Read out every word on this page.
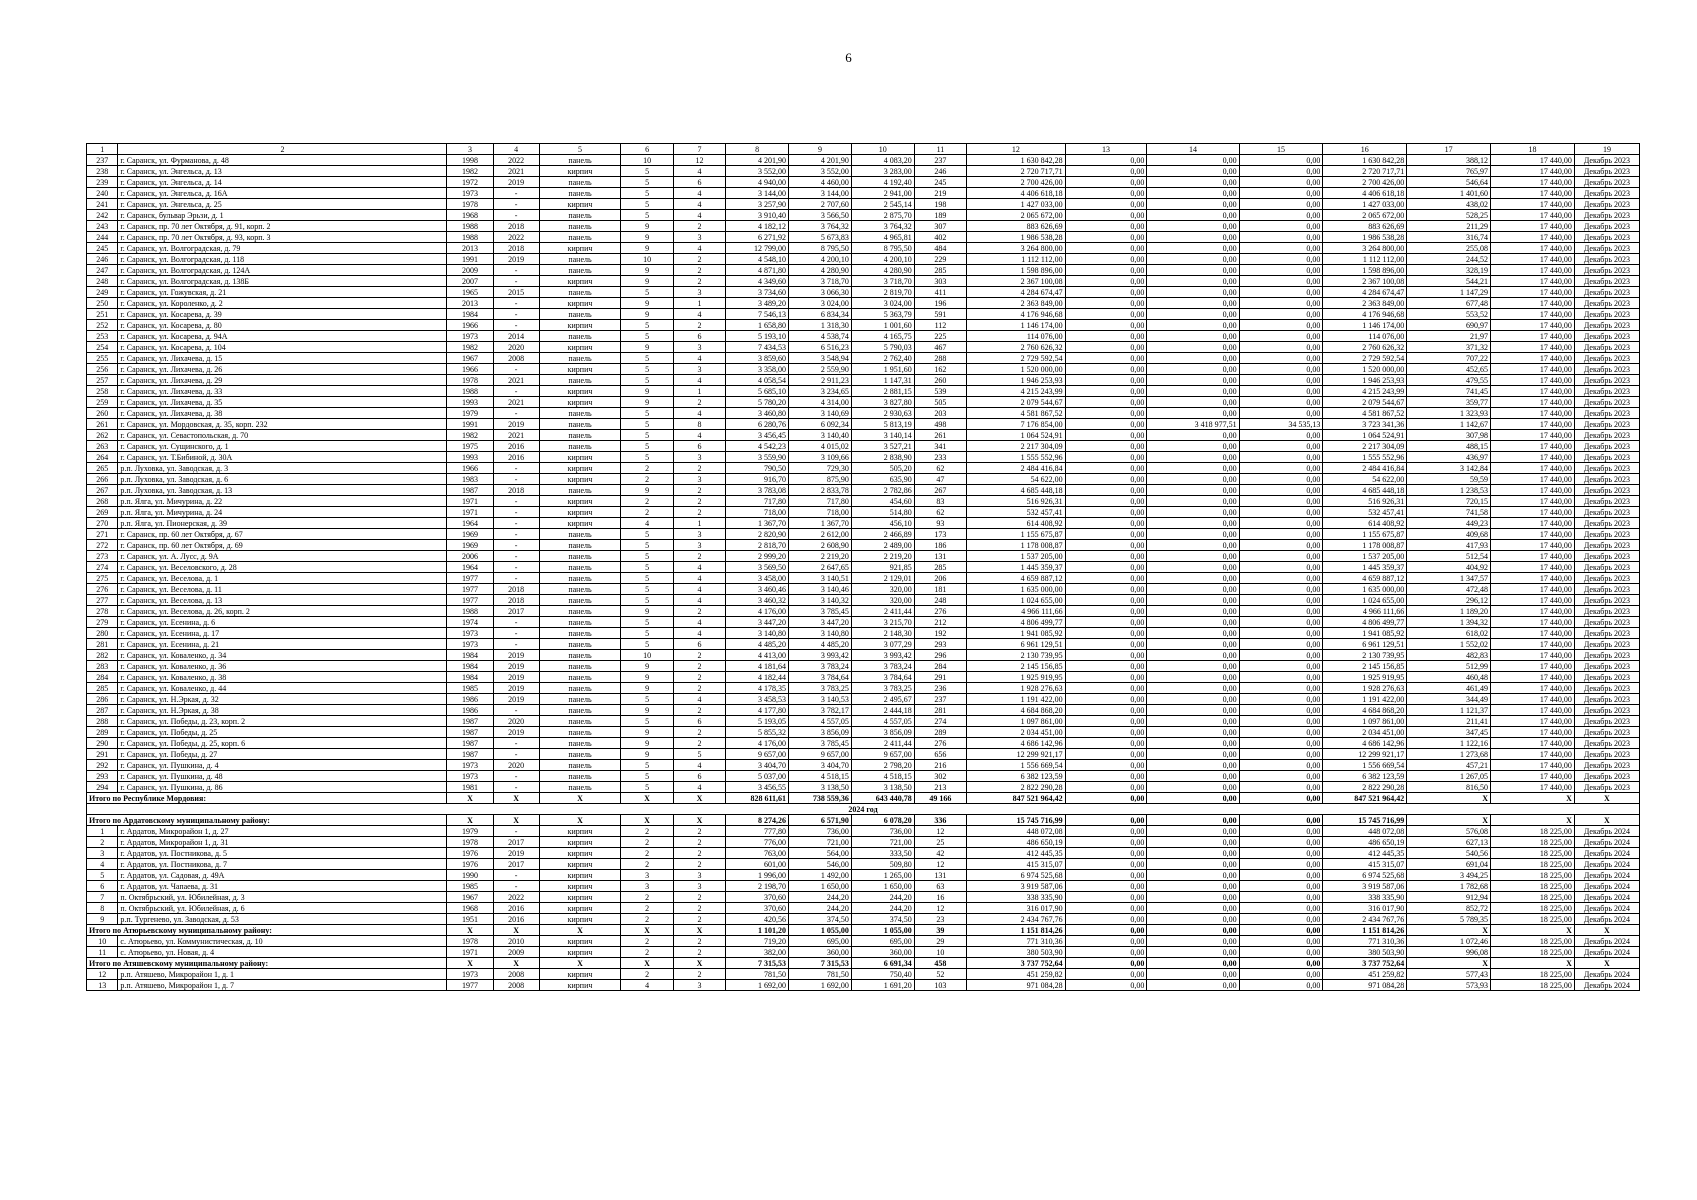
6
1	2	3	4	5	6	7	8	9	10	11	12	13	14	15	16	17	18	19
237	г. Саранск, ул. Фурманова, д. 48	1998	2022	панель	10	12	4 201,90	4 201,90	4 083,20	237	1 630 842,28	0,00	0,00	0,00	1 630 842,28	388,12	17 440,00	Декабрь 2023
238	г. Саранск, ул. Энгельса, д. 13	1982	2021	кирпич	5	4	3 552,00	3 552,00	3 283,00	246	2 720 717,71	0,00	0,00	0,00	2 720 717,71	765,97	17 440,00	Декабрь 2023
239	г. Саранск, ул. Энгельса, д. 14	1972	2019	панель	5	6	4 940,00	4 460,00	4 192,40	245	2 700 426,00	0,00	0,00	0,00	2 700 426,00	546,64	17 440,00	Декабрь 2023
240	г. Саранск, ул. Энгельса, д. 16А	1973	-	панель	5	4	3 144,00	3 144,00	2 941,00	219	4 406 618,18	0,00	0,00	0,00	4 406 618,18	1 401,60	17 440,00	Декабрь 2023
241	г. Саранск, ул. Энгельса, д. 25	1978	-	кирпич	5	4	3 257,90	2 707,60	2 545,14	198	1 427 033,00	0,00	0,00	0,00	1 427 033,00	438,02	17 440,00	Декабрь 2023
242	г. Саранск, бульвар Эрьзи, д. 1	1968	-	панель	5	4	3 910,40	3 566,50	2 875,70	189	2 065 672,00	0,00	0,00	0,00	2 065 672,00	528,25	17 440,00	Декабрь 2023
243	г. Саранск, пр. 70 лет Октября, д. 91, корп. 2	1988	2018	панель	9	2	4 182,12	3 764,32	3 764,32	307	883 626,69	0,00	0,00	0,00	883 626,69	211,29	17 440,00	Декабрь 2023
244	г. Саранск, пр. 70 лет Октября, д. 93, корп. 3	1988	2022	панель	9	3	6 271,92	5 673,83	4 965,81	402	1 986 538,28	0,00	0,00	0,00	1 986 538,28	316,74	17 440,00	Декабрь 2023
245	г. Саранск, ул. Волгоградская, д. 79	2013	2018	кирпич	9	4	12 799,00	8 795,50	8 795,50	484	3 264 800,00	0,00	0,00	0,00	3 264 800,00	255,08	17 440,00	Декабрь 2023
246	г. Саранск, ул. Волгоградская, д. 118	1991	2019	панель	10	2	4 548,10	4 200,10	4 200,10	229	1 112 112,00	0,00	0,00	0,00	1 112 112,00	244,52	17 440,00	Декабрь 2023
247	г. Саранск, ул. Волгоградская, д. 124А	2009	-	панель	9	2	4 871,80	4 280,90	4 280,90	285	1 598 896,00	0,00	0,00	0,00	1 598 896,00	328,19	17 440,00	Декабрь 2023
248	г. Саранск, ул. Волгоградская, д. 138Б	2007	-	кирпич	9	2	4 349,60	3 718,70	3 718,70	303	2 367 100,08	0,00	0,00	0,00	2 367 100,08	544,21	17 440,00	Декабрь 2023
249	г. Саранск, ул. Гожувская, д. 21	1965	2015	панель	5	3	3 734,60	3 066,30	2 819,70	411	4 284 674,47	0,00	0,00	0,00	4 284 674,47	1 147,29	17 440,00	Декабрь 2023
250	г. Саранск, ул. Короленко, д. 2	2013	-	кирпич	9	1	3 489,20	3 024,00	3 024,00	196	2 363 849,00	0,00	0,00	0,00	2 363 849,00	677,48	17 440,00	Декабрь 2023
251	г. Саранск, ул. Косарева, д. 39	1984	-	панель	9	4	7 546,13	6 834,34	5 363,79	591	4 176 946,68	0,00	0,00	0,00	4 176 946,68	553,52	17 440,00	Декабрь 2023
252	г. Саранск, ул. Косарева, д. 80	1966	-	кирпич	5	2	1 658,80	1 318,30	1 001,60	112	1 146 174,00	0,00	0,00	0,00	1 146 174,00	690,97	17 440,00	Декабрь 2023
253	г. Саранск, ул. Косарева, д. 94А	1973	2014	панель	5	6	5 193,10	4 538,74	4 165,75	225	114 076,00	0,00	0,00	0,00	114 076,00	21,97	17 440,00	Декабрь 2023
254	г. Саранск, ул. Косарева, д. 104	1982	2020	кирпич	9	3	7 434,53	6 516,23	5 790,03	467	2 760 626,32	0,00	0,00	0,00	2 760 626,32	371,32	17 440,00	Декабрь 2023
255	г. Саранск, ул. Лихачева, д. 15	1967	2008	панель	5	4	3 859,60	3 548,94	2 762,40	288	2 729 592,54	0,00	0,00	0,00	2 729 592,54	707,22	17 440,00	Декабрь 2023
256	г. Саранск, ул. Лихачева, д. 26	1966	-	кирпич	5	3	3 358,00	2 559,90	1 951,60	162	1 520 000,00	0,00	0,00	0,00	1 520 000,00	452,65	17 440,00	Декабрь 2023
257	г. Саранск, ул. Лихачева, д. 29	1978	2021	панель	5	4	4 058,54	2 911,23	1 147,31	260	1 946 253,93	0,00	0,00	0,00	1 946 253,93	479,55	17 440,00	Декабрь 2023
258	г. Саранск, ул. Лихачева, д. 33	1988	-	кирпич	9	1	5 685,10	3 234,65	2 881,15	539	4 215 243,99	0,00	0,00	0,00	4 215 243,99	741,45	17 440,00	Декабрь 2023
259	г. Саранск, ул. Лихачева, д. 35	1993	2021	кирпич	9	2	5 780,20	4 314,00	3 827,80	505	2 079 544,67	0,00	0,00	0,00	2 079 544,67	359,77	17 440,00	Декабрь 2023
260	г. Саранск, ул. Лихачева, д. 38	1979	-	панель	5	4	3 460,80	3 140,69	2 930,63	203	4 581 867,52	0,00	0,00	0,00	4 581 867,52	1 323,93	17 440,00	Декабрь 2023
261	г. Саранск, ул. Мордовская, д. 35, корп. 232	1991	2019	панель	5	8	6 280,76	6 092,34	5 813,19	498	7 176 854,00	0,00	3 418 977,51	34 535,13	3 723 341,36	1 142,67	17 440,00	Декабрь 2023
262	г. Саранск, ул. Севастопольская, д. 70	1982	2021	панель	5	4	3 456,45	3 140,40	3 140,14	261	1 064 524,91	0,00	0,00	0,00	1 064 524,91	307,98	17 440,00	Декабрь 2023
263	г. Саранск, ул. Сущинского, д. 1	1975	2016	панель	5	6	4 542,23	4 015,02	3 527,21	341	2 217 304,09	0,00	0,00	0,00	2 217 304,09	488,15	17 440,00	Декабрь 2023
264	г. Саранск, ул. Т.Бибиной, д. 30А	1993	2016	кирпич	5	3	3 559,90	3 109,66	2 838,90	233	1 555 552,96	0,00	0,00	0,00	1 555 552,96	436,97	17 440,00	Декабрь 2023
265	р.п. Луховка, ул. Заводская, д. 3	1966	-	кирпич	2	2	790,50	729,30	505,20	62	2 484 416,84	0,00	0,00	0,00	2 484 416,84	3 142,84	17 440,00	Декабрь 2023
266	р.п. Луховка, ул. Заводская, д. 6	1983	-	кирпич	2	3	916,70	875,90	635,90	47	54 622,00	0,00	0,00	0,00	54 622,00	59,59	17 440,00	Декабрь 2023
267	р.п. Луховка, ул. Заводская, д. 13	1987	2018	панель	9	2	3 783,08	2 833,78	2 782,86	267	4 685 448,18	0,00	0,00	0,00	4 685 448,18	1 238,53	17 440,00	Декабрь 2023
268	р.п. Ялга, ул. Мичурина, д. 22	1971	-	кирпич	2	2	717,80	717,80	454,60	83	516 926,31	0,00	0,00	0,00	516 926,31	720,15	17 440,00	Декабрь 2023
269	р.п. Ялга, ул. Мичурина, д. 24	1971	-	кирпич	2	2	718,00	718,00	514,80	62	532 457,41	0,00	0,00	0,00	532 457,41	741,58	17 440,00	Декабрь 2023
270	р.п. Ялга, ул. Пионерская, д. 39	1964	-	кирпич	4	1	1 367,70	1 367,70	456,10	93	614 408,92	0,00	0,00	0,00	614 408,92	449,23	17 440,00	Декабрь 2023
271	г. Саранск, пр. 60 лет Октября, д. 67	1969	-	панель	5	3	2 820,90	2 612,00	2 466,89	173	1 155 675,87	0,00	0,00	0,00	1 155 675,87	409,68	17 440,00	Декабрь 2023
272	г. Саранск, пр. 60 лет Октября, д. 69	1969	-	панель	5	3	2 818,70	2 608,90	2 489,00	186	1 178 008,87	0,00	0,00	0,00	1 178 008,87	417,93	17 440,00	Декабрь 2023
273	г. Саранск, ул. А. Лусс, д. 9А	2006	-	панель	5	2	2 999,20	2 219,20	2 219,20	131	1 537 205,00	0,00	0,00	0,00	1 537 205,00	512,54	17 440,00	Декабрь 2023
274	г. Саранск, ул. Веселовского, д. 28	1964	-	панель	5	4	3 569,50	2 647,65	921,85	285	1 445 359,37	0,00	0,00	0,00	1 445 359,37	404,92	17 440,00	Декабрь 2023
275	г. Саранск, ул. Веселова, д. 1	1977	-	панель	5	4	3 458,00	3 140,51	2 129,01	206	4 659 887,12	0,00	0,00	0,00	4 659 887,12	1 347,57	17 440,00	Декабрь 2023
276	г. Саранск, ул. Веселова, д. 11	1977	2018	панель	5	4	3 460,46	3 140,46	320,00	181	1 635 000,00	0,00	0,00	0,00	1 635 000,00	472,48	17 440,00	Декабрь 2023
277	г. Саранск, ул. Веселова, д. 13	1977	2018	панель	5	4	3 460,32	3 140,32	320,00	248	1 024 655,00	0,00	0,00	0,00	1 024 655,00	296,12	17 440,00	Декабрь 2023
278	г. Саранск, ул. Веселова, д. 26, корп. 2	1988	2017	панель	9	2	4 176,00	3 785,45	2 411,44	276	4 966 111,66	0,00	0,00	0,00	4 966 111,66	1 189,20	17 440,00	Декабрь 2023
279	г. Саранск, ул. Есенина, д. 6	1974	-	панель	5	4	3 447,20	3 447,20	3 215,70	212	4 806 499,77	0,00	0,00	0,00	4 806 499,77	1 394,32	17 440,00	Декабрь 2023
280	г. Саранск, ул. Есенина, д. 17	1973	-	панель	5	4	3 140,80	3 140,80	2 148,30	192	1 941 085,92	0,00	0,00	0,00	1 941 085,92	618,02	17 440,00	Декабрь 2023
281	г. Саранск, ул. Есенина, д. 21	1973	-	панель	5	6	4 485,20	4 485,20	3 077,29	293	6 961 129,51	0,00	0,00	0,00	6 961 129,51	1 552,02	17 440,00	Декабрь 2023
282	г. Саранск, ул. Коваленко, д. 34	1984	2019	панель	10	2	4 413,00	3 993,42	3 993,42	296	2 130 739,95	0,00	0,00	0,00	2 130 739,95	482,83	17 440,00	Декабрь 2023
283	г. Саранск, ул. Коваленко, д. 36	1984	2019	панель	9	2	4 181,64	3 783,24	3 783,24	284	2 145 156,85	0,00	0,00	0,00	2 145 156,85	512,99	17 440,00	Декабрь 2023
284	г. Саранск, ул. Коваленко, д. 38	1984	2019	панель	9	2	4 182,44	3 784,64	3 784,64	291	1 925 919,95	0,00	0,00	0,00	1 925 919,95	460,48	17 440,00	Декабрь 2023
285	г. Саранск, ул. Коваленко, д. 44	1985	2019	панель	9	2	4 178,35	3 783,25	3 783,25	236	1 928 276,63	0,00	0,00	0,00	1 928 276,63	461,49	17 440,00	Декабрь 2023
286	г. Саранск, ул. Н.Эркая, д. 32	1986	2019	панель	5	4	3 458,53	3 140,53	2 495,67	237	1 191 422,00	0,00	0,00	0,00	1 191 422,00	344,49	17 440,00	Декабрь 2023
287	г. Саранск, ул. Н.Эркая, д. 38	1986	-	панель	9	2	4 177,80	3 782,17	2 444,18	281	4 684 868,20	0,00	0,00	0,00	4 684 868,20	1 121,37	17 440,00	Декабрь 2023
288	г. Саранск, ул. Победы, д. 23, корп. 2	1987	2020	панель	5	6	5 193,05	4 557,05	4 557,05	274	1 097 861,00	0,00	0,00	0,00	1 097 861,00	211,41	17 440,00	Декабрь 2023
289	г. Саранск, ул. Победы, д. 25	1987	2019	панель	9	2	5 855,32	3 856,09	3 856,09	289	2 034 451,00	0,00	0,00	0,00	2 034 451,00	347,45	17 440,00	Декабрь 2023
290	г. Саранск, ул. Победы, д. 25, корп. 6	1987	-	панель	9	2	4 176,00	3 785,45	2 411,44	276	4 686 142,96	0,00	0,00	0,00	4 686 142,96	1 122,16	17 440,00	Декабрь 2023
291	г. Саранск, ул. Победы, д. 27	1987	-	панель	9	5	9 657,00	9 657,00	9 657,00	656	12 299 921,17	0,00	0,00	0,00	12 299 921,17	1 273,68	17 440,00	Декабрь 2023
292	г. Саранск, ул. Пушкина, д. 4	1973	2020	панель	5	4	3 404,70	3 404,70	2 798,20	216	1 556 669,54	0,00	0,00	0,00	1 556 669,54	457,21	17 440,00	Декабрь 2023
293	г. Саранск, ул. Пушкина, д. 48	1973	-	панель	5	6	5 037,00	4 518,15	4 518,15	302	6 382 123,59	0,00	0,00	0,00	6 382 123,59	1 267,05	17 440,00	Декабрь 2023
294	г. Саранск, ул. Пушкина, д. 86	1981	-	панель	5	4	3 456,55	3 138,50	3 138,50	213	2 822 290,28	0,00	0,00	0,00	2 822 290,28	816,50	17 440,00	Декабрь 2023
Итого по Республике Мордовия:		X	X	X	X	X	828 611,61	738 559,36	643 440,78	49 166	847 521 964,42	0,00	0,00	0,00	847 521 964,42	X	X	X
2024 год																		
Итого по Ардатовскому муниципальному району:		X	X	X	X	X	8 274,26	6 571,90	6 078,20	336	15 745 716,99	0,00	0,00	0,00	15 745 716,99	X	X	X
1	г. Ардатов, Микрорайон 1, д. 27	1979	-	кирпич	2	2	777,80	736,00	736,00	12	448 072,08	0,00	0,00	0,00	448 072,08	576,08	18 225,00	Декабрь 2024
2	г. Ардатов, Микрорайон 1, д. 31	1978	2017	кирпич	2	2	776,00	721,00	721,00	25	486 650,19	0,00	0,00	0,00	486 650,19	627,13	18 225,00	Декабрь 2024
3	г. Ардатов, ул. Постникова, д. 5	1976	2019	кирпич	2	2	763,00	564,00	333,50	42	412 445,35	0,00	0,00	0,00	412 445,35	540,56	18 225,00	Декабрь 2024
4	г. Ардатов, ул. Постникова, д. 7	1976	2017	кирпич	2	2	601,00	546,00	509,80	12	415 315,07	0,00	0,00	0,00	415 315,07	691,04	18 225,00	Декабрь 2024
5	г. Ардатов, ул. Садовая, д. 49А	1990	-	кирпич	3	3	1 996,00	1 492,00	1 265,00	131	6 974 525,68	0,00	0,00	0,00	6 974 525,68	3 494,25	18 225,00	Декабрь 2024
6	г. Ардатов, ул. Чапаева, д. 31	1985	-	кирпич	3	3	2 198,70	1 650,00	1 650,00	63	3 919 587,06	0,00	0,00	0,00	3 919 587,06	1 782,68	18 225,00	Декабрь 2024
7	п. Октябрьский, ул. Юбилейная, д. 3	1967	2022	кирпич	2	2	370,60	244,20	244,20	16	338 335,90	0,00	0,00	0,00	338 335,90	912,94	18 225,00	Декабрь 2024
8	п. Октябрьский, ул. Юбилейная, д. 6	1968	2016	кирпич	2	2	370,60	244,20	244,20	12	316 017,90	0,00	0,00	0,00	316 017,90	852,72	18 225,00	Декабрь 2024
9	р.п. Тургенево, ул. Заводская, д. 53	1951	2016	кирпич	2	2	420,56	374,50	374,50	23	2 434 767,76	0,00	0,00	0,00	2 434 767,76	5 789,35	18 225,00	Декабрь 2024
Итого по Атюрьевскому муниципальному району:		X	X	X	X	X	1 101,20	1 055,00	1 055,00	39	1 151 814,26	0,00	0,00	0,00	1 151 814,26	X	X	X
10	с. Атюрьево, ул. Коммунистическая, д. 10	1978	2010	кирпич	2	2	719,20	695,00	695,00	29	771 310,36	0,00	0,00	0,00	771 310,36	1 072,46	18 225,00	Декабрь 2024
11	с. Атюрьево, ул. Новая, д. 4	1971	2009	кирпич	2	2	382,00	360,00	360,00	10	380 503,90	0,00	0,00	0,00	380 503,90	996,08	18 225,00	Декабрь 2024
Итого по Атяшевскому муниципальному району:		X	X	X	X	X	7 315,53	7 315,53	6 691,34	458	3 737 752,64	0,00	0,00	0,00	3 737 752,64	X	X	X
12	р.п. Атяшево, Микрорайон 1, д. 1	1973	2008	кирпич	2	2	781,50	781,50	750,40	52	451 259,82	0,00	0,00	0,00	451 259,82	577,43	18 225,00	Декабрь 2024
13	р.п. Атяшево, Микрорайон 1, д. 7	1977	2008	кирпич	4	3	1 692,00	1 692,00	1 691,20	103	971 084,28	0,00	0,00	0,00	971 084,28	573,93	18 225,00	Декабрь 2024
